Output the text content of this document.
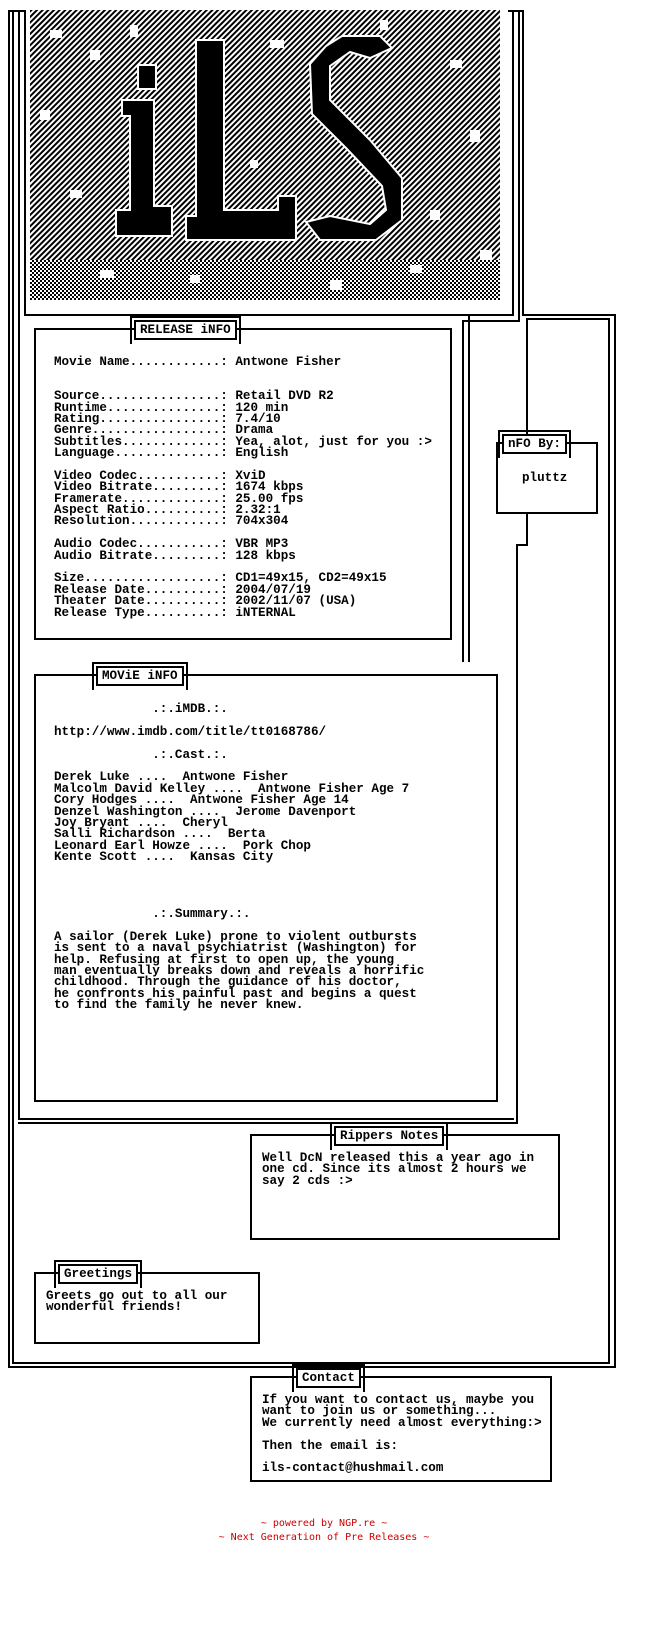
RELEASE iNFO
Movie Name............: Antwone Fisher

Source................: Retail DVD R2
Runtime...............: 120 min
Rating................: 7.4/10
Genre.................: Drama
Subtitles.............: Yea, alot, just for you :>
Language..............: English

Video Codec...........: XviD
Video Bitrate.........: 1674 kbps
Framerate.............: 25.00 fps
Aspect Ratio..........: 2.32:1
Resolution............: 704x304

Audio Codec...........: VBR MP3
Audio Bitrate.........: 128 kbps

Size..................: CD1=49x15, CD2=49x15
Release Date..........: 2004/07/19
Theater Date..........: 2002/11/07 (USA)
Release Type..........: iNTERNAL
nFO By:
pluttz
MOViE iNFO
.:.iMDB.:.

http://www.imdb.com/title/tt0168786/

.:.Cast.:.

Derek Luke ....  Antwone Fisher
Malcolm David Kelley ....  Antwone Fisher Age 7
Cory Hodges ....  Antwone Fisher Age 14
Denzel Washington ....  Jerome Davenport
Joy Bryant ....  Cheryl
Salli Richardson ....  Berta
Leonard Earl Howze ....  Pork Chop
Kente Scott ....  Kansas City

.:.Summary.:.

A sailor (Derek Luke) prone to violent outbursts
is sent to a naval psychiatrist (Washington) for
help. Refusing at first to open up, the young
man eventually breaks down and reveals a horrific
childhood. Through the guidance of his doctor,
he confronts his painful past and begins a quest
to find the family he never knew.
Rippers Notes
Well DcN released this a year ago in
one cd. Since its almost 2 hours we
say 2 cds :>
Greetings
Greets go out to all our
wonderful friends!
Contact
If you want to contact us, maybe you
want to join us or something...
We currently need almost everything:>

Then the email is:

ils-contact@hushmail.com
~ powered by NGP.re ~
~ Next Generation of Pre Releases ~
